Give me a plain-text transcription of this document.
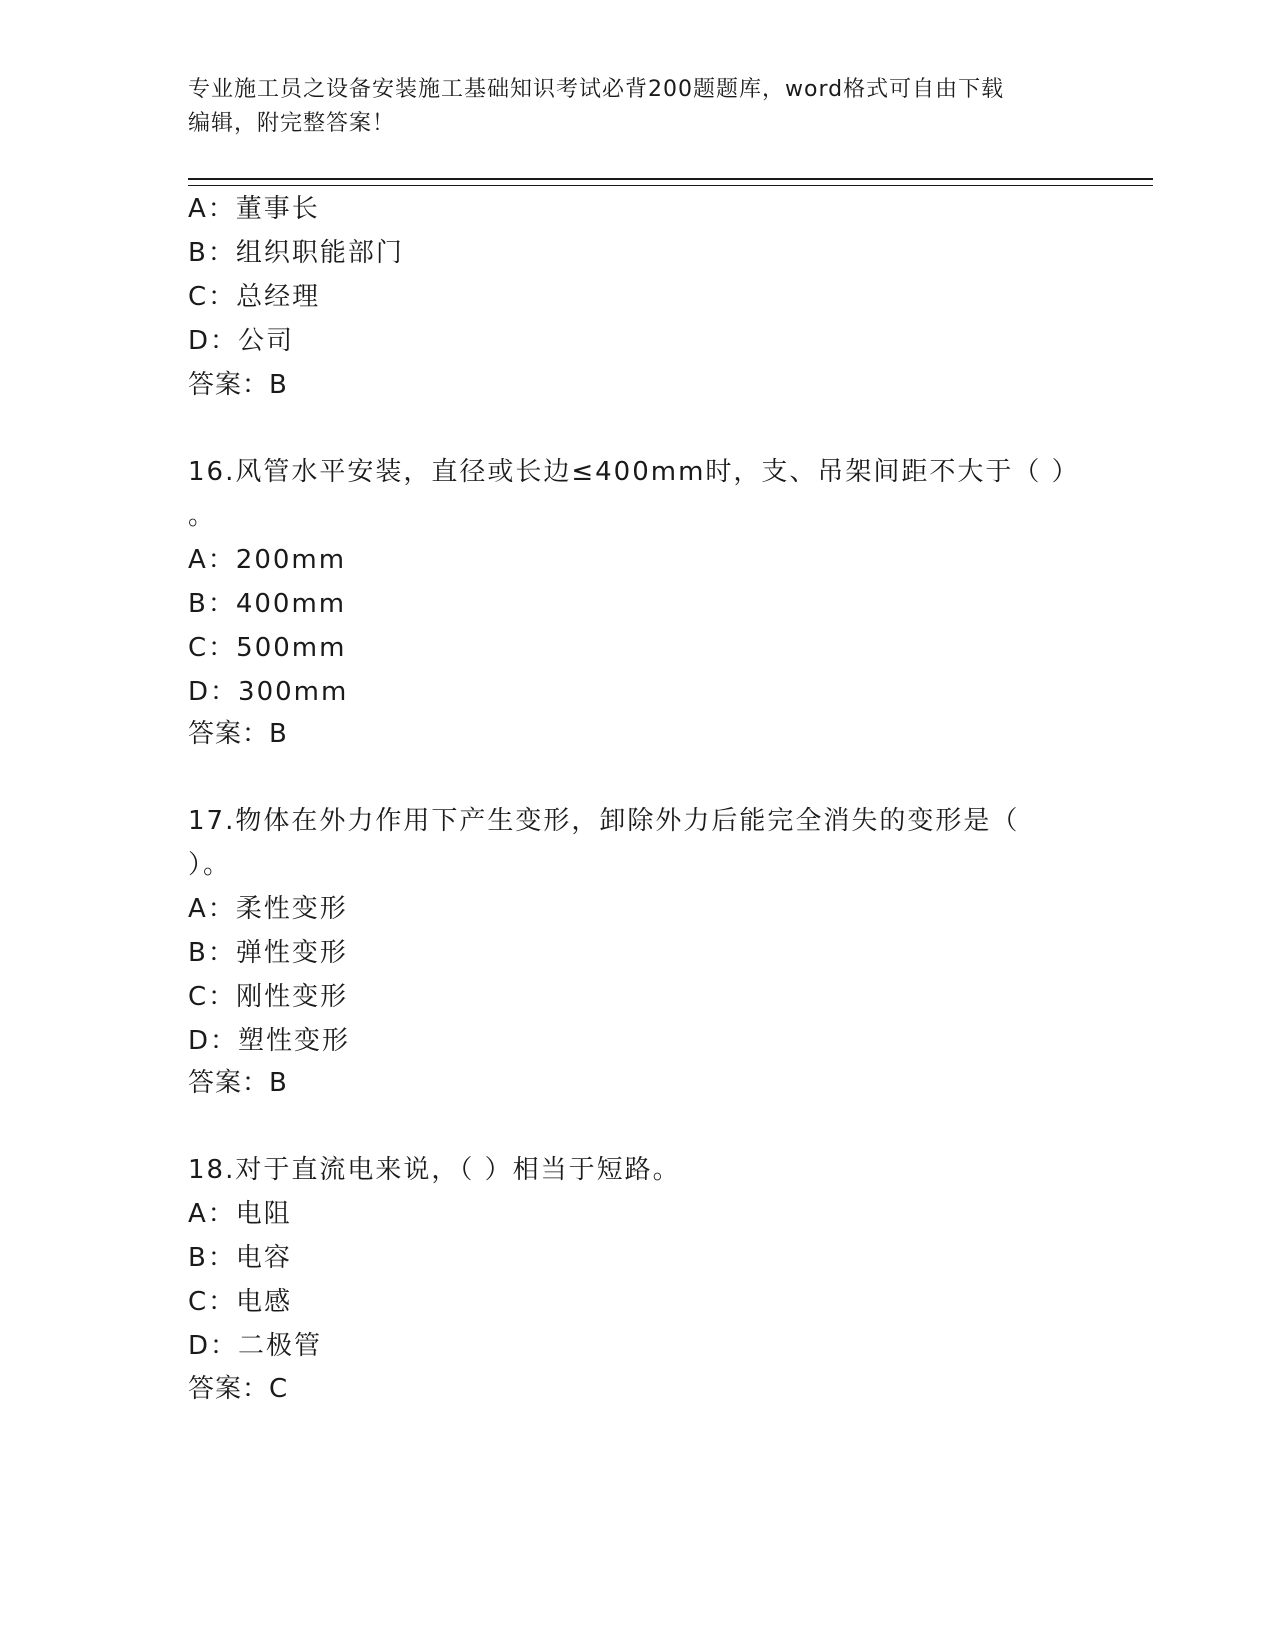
专业施工员之设备安装施工基础知识考试必背200题题库，word格式可自由下载
编辑，附完整答案！
A：董事长
B：组织职能部门
C：总经理
D：公司
答案：B
16.风管水平安装，直径或长边≤400mm时，支、吊架间距不大于（ ）
。
A：200mm
B：400mm
C：500mm
D：300mm
答案：B
17.物体在外力作用下产生变形，卸除外力后能完全消失的变形是（
）。
A：柔性变形
B：弹性变形
C：刚性变形
D：塑性变形
答案：B
18.对于直流电来说，（ ）相当于短路。
A：电阻
B：电容
C：电感
D：二极管
答案：C
